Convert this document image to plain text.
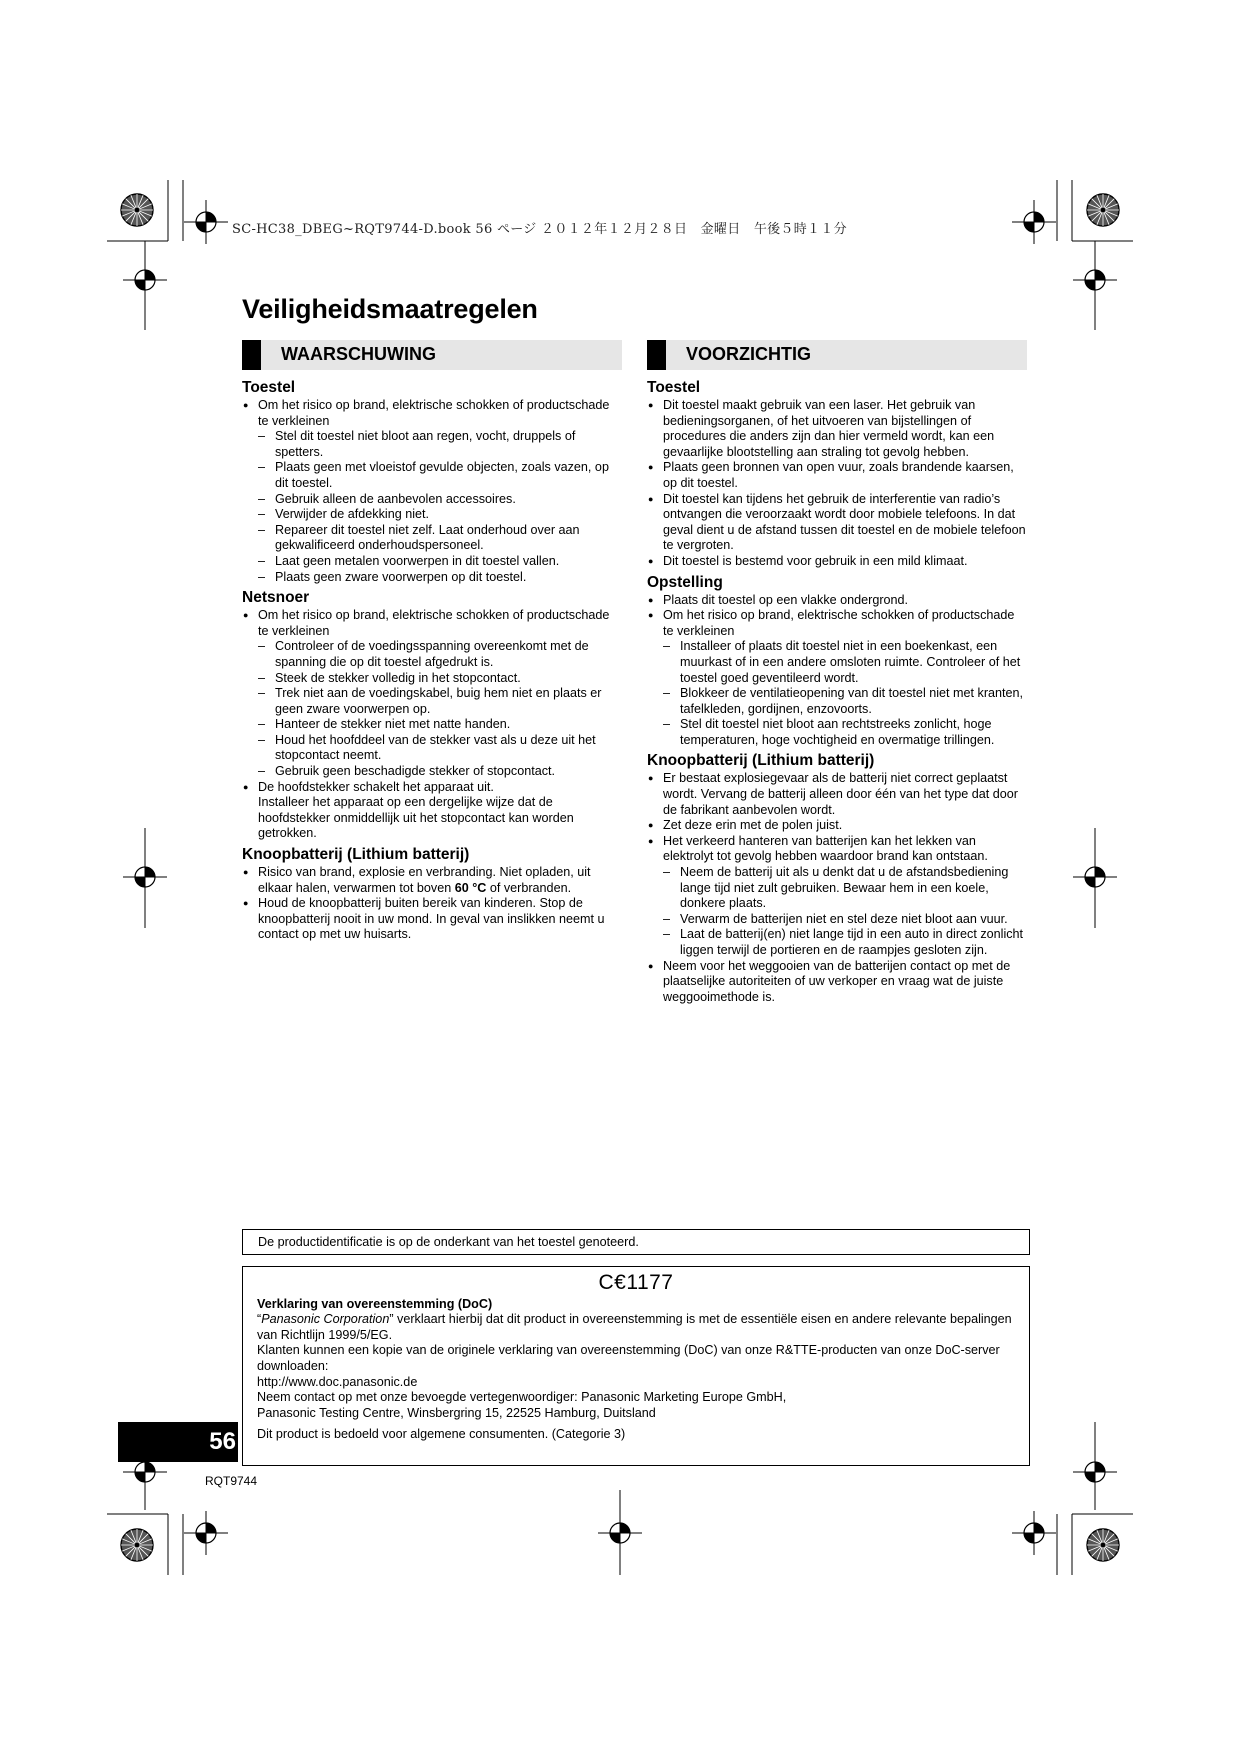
SC-HC38_DBEG~RQT9744-D.book 56 ページ ２０１２年１２月２８日　金曜日　午後５時１１分
Veiligheidsmaatregelen
WAARSCHUWING
Toestel
● Om het risico op brand, elektrische schokken of productschade te verkleinen
– Stel dit toestel niet bloot aan regen, vocht, druppels of spetters.
– Plaats geen met vloeistof gevulde objecten, zoals vazen, op dit toestel.
– Gebruik alleen de aanbevolen accessoires.
– Verwijder de afdekking niet.
– Repareer dit toestel niet zelf. Laat onderhoud over aan gekwalificeerd onderhoudspersoneel.
– Laat geen metalen voorwerpen in dit toestel vallen.
– Plaats geen zware voorwerpen op dit toestel.
Netsnoer
● Om het risico op brand, elektrische schokken of productschade te verkleinen
– Controleer of de voedingsspanning overeenkomt met de spanning die op dit toestel afgedrukt is.
– Steek de stekker volledig in het stopcontact.
– Trek niet aan de voedingskabel, buig hem niet en plaats er geen zware voorwerpen op.
– Hanteer de stekker niet met natte handen.
– Houd het hoofddeel van de stekker vast als u deze uit het stopcontact neemt.
– Gebruik geen beschadigde stekker of stopcontact.
● De hoofdstekker schakelt het apparaat uit.
Installeer het apparaat op een dergelijke wijze dat de hoofdstekker onmiddellijk uit het stopcontact kan worden getrokken.
Knoopbatterij (Lithium batterij)
● Risico van brand, explosie en verbranding. Niet opladen, uit elkaar halen, verwarmen tot boven 60 °C of verbranden.
● Houd de knoopbatterij buiten bereik van kinderen. Stop de knoopbatterij nooit in uw mond. In geval van inslikken neemt u contact op met uw huisarts.
VOORZICHTIG
Toestel
● Dit toestel maakt gebruik van een laser. Het gebruik van bedieningsorganen, of het uitvoeren van bijstellingen of procedures die anders zijn dan hier vermeld wordt, kan een gevaarlijke blootstelling aan straling tot gevolg hebben.
● Plaats geen bronnen van open vuur, zoals brandende kaarsen, op dit toestel.
● Dit toestel kan tijdens het gebruik de interferentie van radio’s ontvangen die veroorzaakt wordt door mobiele telefoons. In dat geval dient u de afstand tussen dit toestel en de mobiele telefoon te vergroten.
● Dit toestel is bestemd voor gebruik in een mild klimaat.
Opstelling
● Plaats dit toestel op een vlakke ondergrond.
● Om het risico op brand, elektrische schokken of productschade te verkleinen
– Installeer of plaats dit toestel niet in een boekenkast, een muurkast of in een andere omsloten ruimte. Controleer of het toestel goed geventileerd wordt.
– Blokkeer de ventilatieopening van dit toestel niet met kranten, tafelkleden, gordijnen, enzovoorts.
– Stel dit toestel niet bloot aan rechtstreeks zonlicht, hoge temperaturen, hoge vochtigheid en overmatige trillingen.
Knoopbatterij (Lithium batterij)
● Er bestaat explosiegevaar als de batterij niet correct geplaatst wordt. Vervang de batterij alleen door één van het type dat door de fabrikant aanbevolen wordt.
● Zet deze erin met de polen juist.
● Het verkeerd hanteren van batterijen kan het lekken van elektrolyt tot gevolg hebben waardoor brand kan ontstaan.
– Neem de batterij uit als u denkt dat u de afstandsbediening lange tijd niet zult gebruiken. Bewaar hem in een koele, donkere plaats.
– Verwarm de batterijen niet en stel deze niet bloot aan vuur.
– Laat de batterij(en) niet lange tijd in een auto in direct zonlicht liggen terwijl de portieren en de raampjes gesloten zijn.
● Neem voor het weggooien van de batterijen contact op met de plaatselijke autoriteiten of uw verkoper en vraag wat de juiste weggooimethode is.
De productidentificatie is op de onderkant van het toestel genoteerd.
C€1177
Verklaring van overeenstemming (DoC)
“Panasonic Corporation” verklaart hierbij dat dit product in overeenstemming is met de essentiële eisen en andere relevante bepalingen van Richtlijn 1999/5/EG.
Klanten kunnen een kopie van de originele verklaring van overeenstemming (DoC) van onze R&TTE-producten van onze DoC-server downloaden:
http://www.doc.panasonic.de
Neem contact op met onze bevoegde vertegenwoordiger: Panasonic Marketing Europe GmbH,
Panasonic Testing Centre, Winsbergring 15, 22525 Hamburg, Duitsland
Dit product is bedoeld voor algemene consumenten. (Categorie 3)
56
RQT9744
